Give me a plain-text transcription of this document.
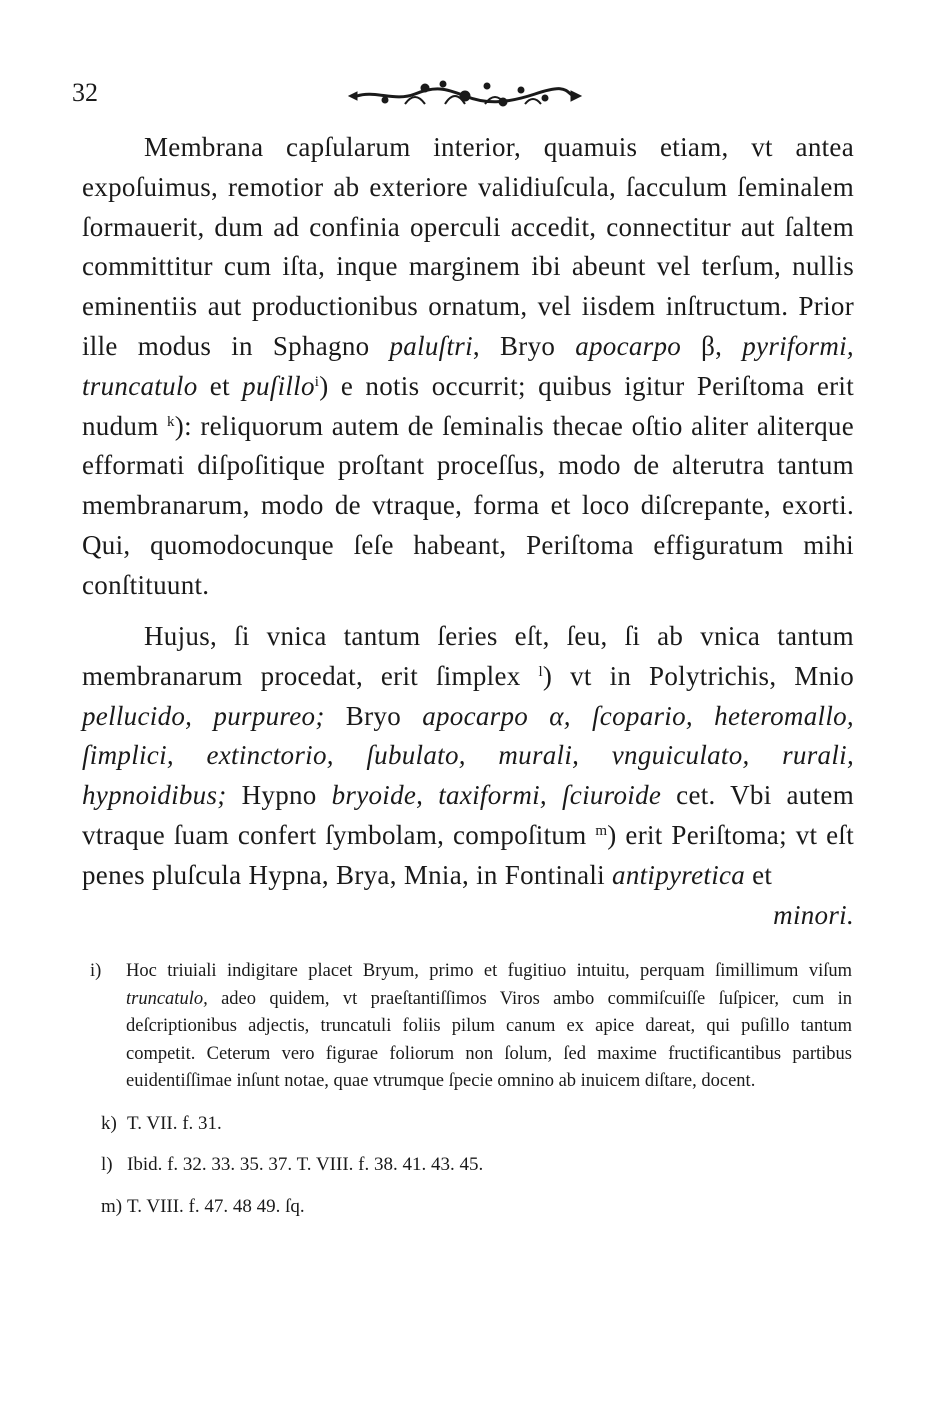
32
Membrana capſularum interior, quamuis etiam, vt antea expoſuimus, remotior ab exteriore validiuſcula, ſacculum ſeminalem ſormauerit, dum ad confinia operculi accedit, connectitur aut ſaltem committitur cum iſta, inque marginem ibi abeunt vel terſum, nullis eminentiis aut productionibus ornatum, vel iisdem inſtructum. Prior ille modus in Sphagno paluſtri, Bryo apocarpo β, pyriformi, truncatulo et puſillo$^i$) e notis occurrit; quibus igitur Periſtoma erit nudum $^k$): reliquorum autem de ſeminalis thecae oſtio aliter aliterque efformati diſpoſitique proſtant proceſſus, modo de alterutra tantum membranarum, modo de vtraque, forma et loco diſcrepante, exorti. Qui, quomodocunque ſeſe habeant, Periſtoma effiguratum mihi conſtituunt.
Hujus, ſi vnica tantum ſeries eſt, ſeu, ſi ab vnica tantum membranarum procedat, erit ſimplex $^l$) vt in Polytrichis, Mnio pellucido, purpureo; Bryo apocarpo α, ſcopario, heteromallo, ſimplici, extinctorio, ſubulato, murali, vnguiculato, rurali, hypnoidibus; Hypno bryoide, taxiformi, ſciuroide cet. Vbi autem vtraque ſuam confert ſymbolam, compoſitum $^m$) erit Periſtoma; vt eſt penes pluſcula Hypna, Brya, Mnia, in Fontinali antipyretica et
minori.
i) Hoc triuiali indigitare placet Bryum, primo et fugitiuo intuitu, perquam ſimillimum viſum truncatulo, adeo quidem, vt praeſtantiſſimos Viros ambo commiſcuiſſe ſuſpicer, cum in deſcriptionibus adjectis, truncatuli foliis pilum canum ex apice dareat, qui puſillo tantum competit. Ceterum vero figurae foliorum non ſolum, ſed maxime fructificantibus partibus euidentiſſimae inſunt notae, quae vtrumque ſpecie omnino ab inuicem diſtare, docent.
k) T. VII. f. 31.
l) Ibid. f. 32. 33. 35. 37. T. VIII. f. 38. 41. 43. 45.
m) T. VIII. f. 47. 48 49. ſq.
